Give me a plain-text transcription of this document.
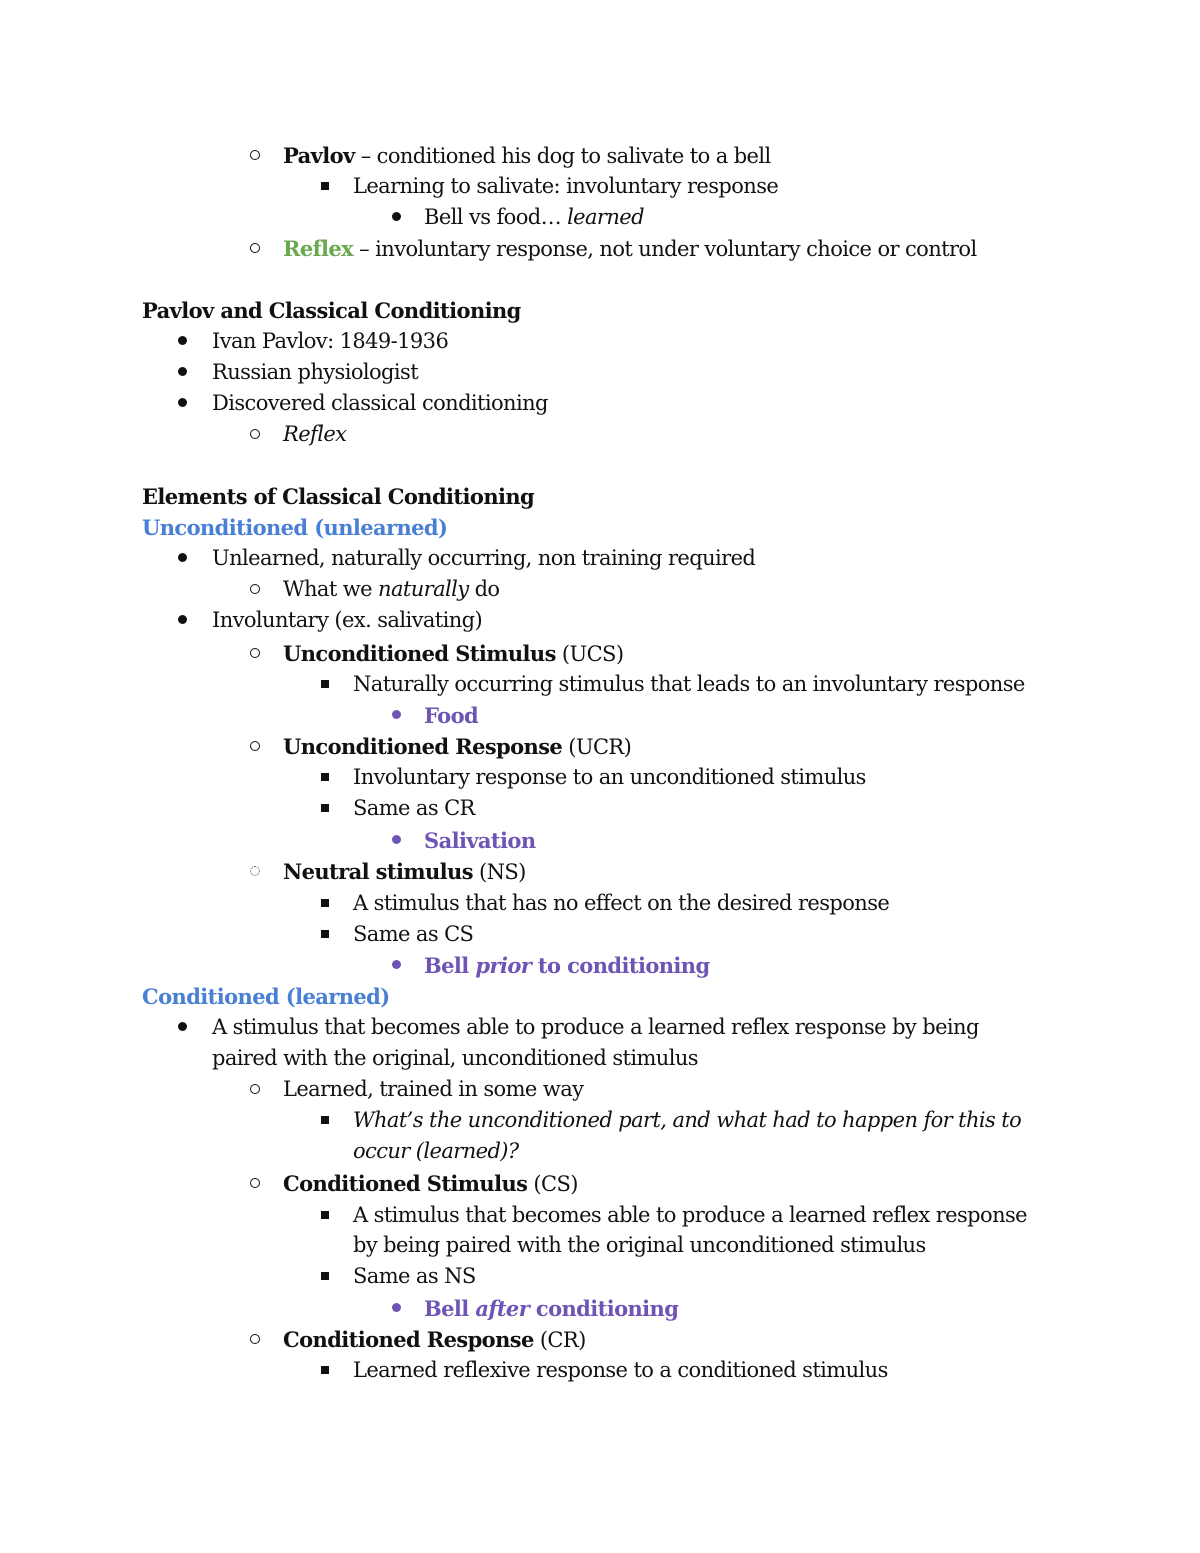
Pavlov – conditioned his dog to salivate to a bell
Learning to salivate: involuntary response
Bell vs food… learned
Reflex – involuntary response, not under voluntary choice or control
Pavlov and Classical Conditioning
Ivan Pavlov: 1849-1936
Russian physiologist
Discovered classical conditioning
Reflex
Elements of Classical Conditioning
Unconditioned (unlearned)
Unlearned, naturally occurring, non training required
What we naturally do
Involuntary (ex. salivating)
Unconditioned Stimulus (UCS)
Naturally occurring stimulus that leads to an involuntary response
Food
Unconditioned Response (UCR)
Involuntary response to an unconditioned stimulus
Same as CR
Salivation
Neutral stimulus (NS)
A stimulus that has no effect on the desired response
Same as CS
Bell prior to conditioning
Conditioned (learned)
A stimulus that becomes able to produce a learned reflex response by being
paired with the original, unconditioned stimulus
Learned, trained in some way
What’s the unconditioned part, and what had to happen for this to
occur (learned)?
Conditioned Stimulus (CS)
A stimulus that becomes able to produce a learned reflex response
by being paired with the original unconditioned stimulus
Same as NS
Bell after conditioning
Conditioned Response (CR)
Learned reflexive response to a conditioned stimulus
